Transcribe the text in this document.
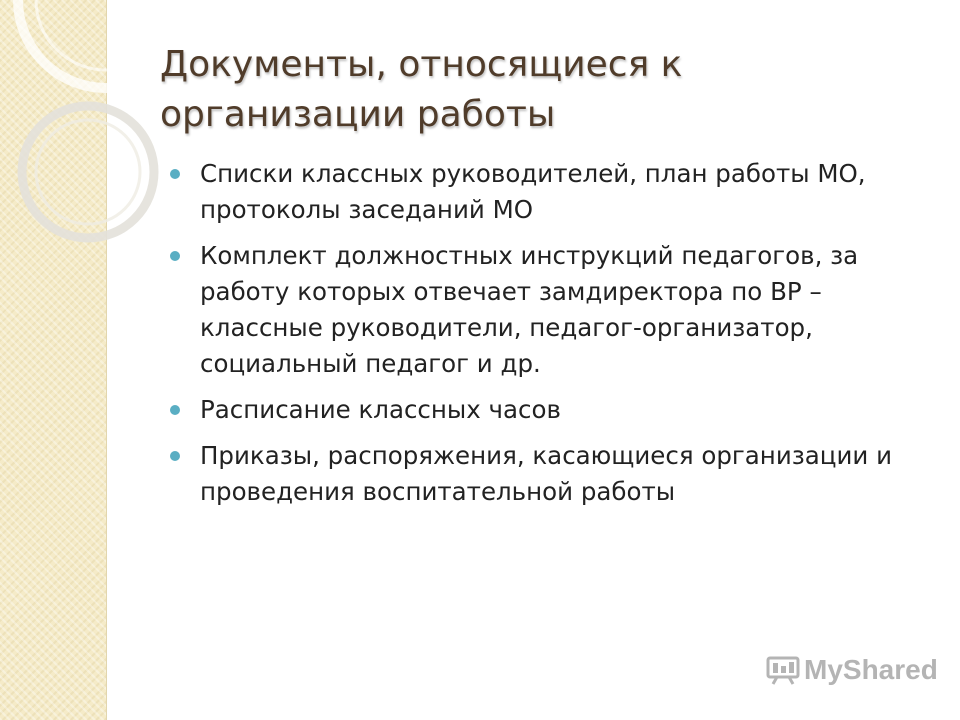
Документы, относящиеся к организации работы
Списки классных руководителей, план работы МО, протоколы заседаний МО
Комплект должностных инструкций педагогов, за работу которых отвечает замдиректора по ВР – классные руководители, педагог-организатор, социальный педагог и др.
Расписание классных часов
Приказы, распоряжения, касающиеся организации и проведения воспитательной работы
MyShared
